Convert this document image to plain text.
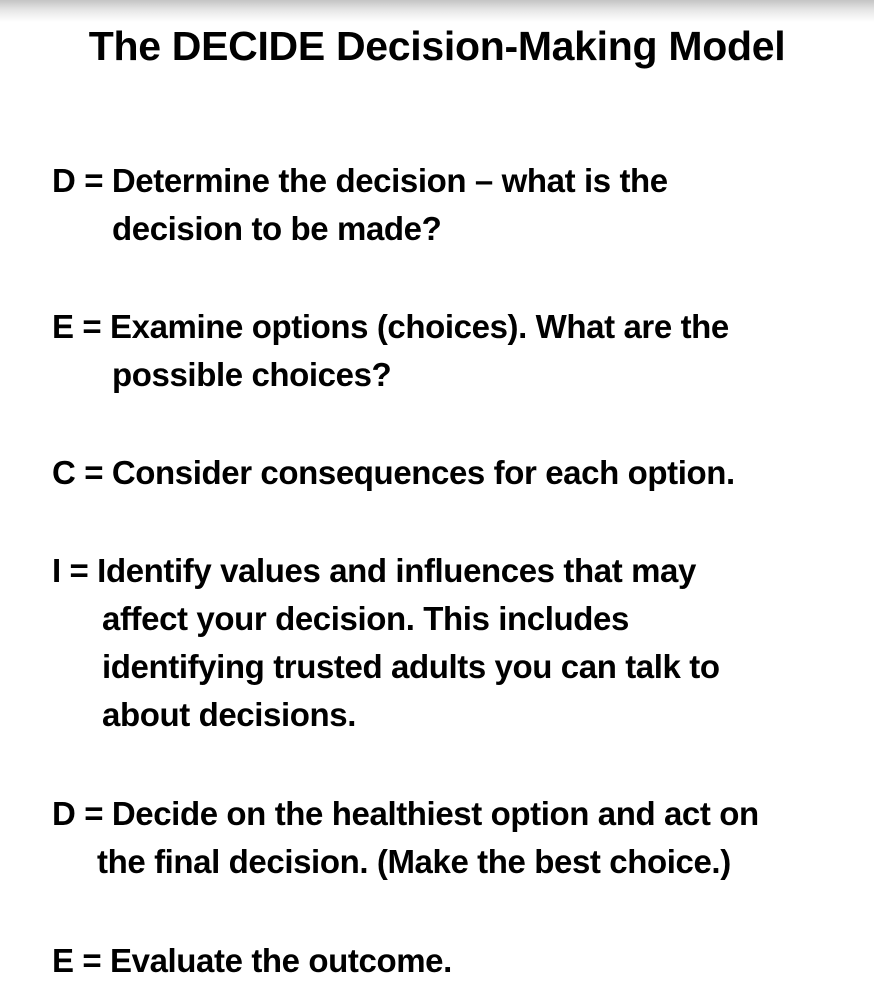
The DECIDE Decision-Making Model
D = Determine the decision – what is the
decision to be made?
E = Examine options (choices). What are the
possible choices?
C = Consider consequences for each option.
I = Identify values and influences that may
affect your decision. This includes
identifying trusted adults you can talk to
about decisions.
D = Decide on the healthiest option and act on
the final decision. (Make the best choice.)
E = Evaluate the outcome.
